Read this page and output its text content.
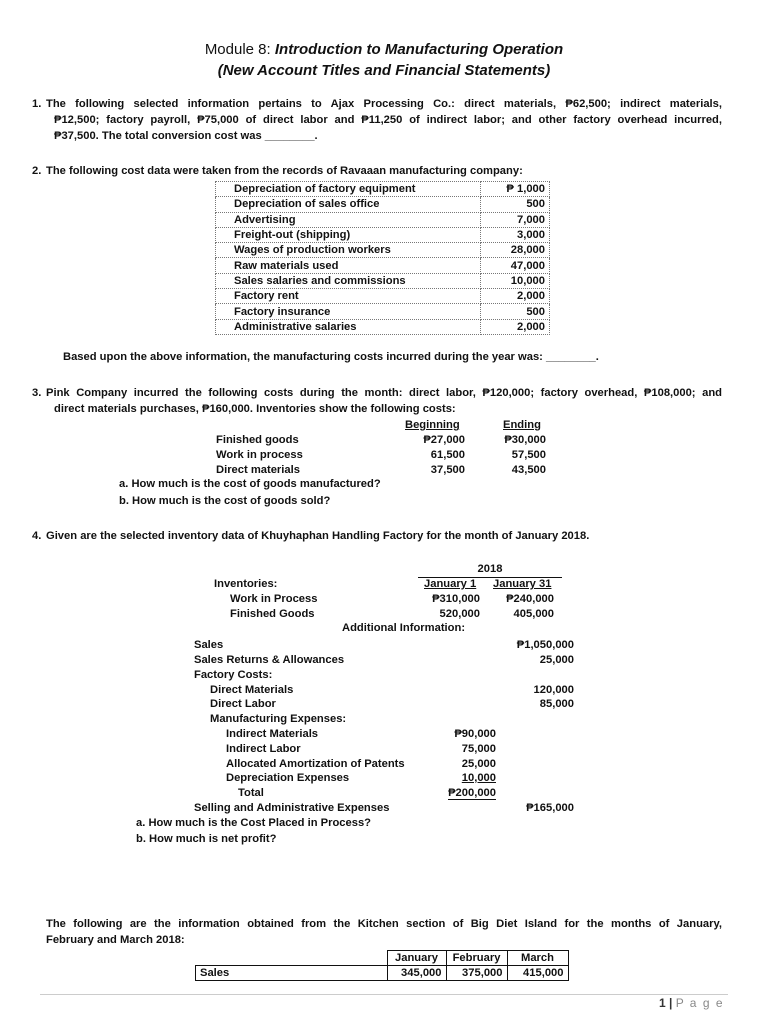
Module 8: Introduction to Manufacturing Operation
(New Account Titles and Financial Statements)
1. The following selected information pertains to Ajax Processing Co.: direct materials, ₱62,500; indirect materials,
₱12,500; factory payroll, ₱75,000 of direct labor and ₱11,250 of indirect labor; and other factory overhead incurred,
₱37,500. The total conversion cost was ________.
2. The following cost data were taken from the records of Ravaaan manufacturing company:
Depreciation of factory equipment	₱ 1,000
Depreciation of sales office	500
Advertising	7,000
Freight-out (shipping)	3,000
Wages of production workers	28,000
Raw materials used	47,000
Sales salaries and commissions	10,000
Factory rent	2,000
Factory insurance	500
Administrative salaries	2,000
Based upon the above information, the manufacturing costs incurred during the year was: ________.
3. Pink Company incurred the following costs during the month: direct labor, ₱120,000; factory overhead, ₱108,000; and
direct materials purchases, ₱160,000. Inventories show the following costs:
Beginning	Ending
Finished goods	₱27,000	₱30,000
Work in process	61,500	57,500
Direct materials	37,500	43,500
a. How much is the cost of goods manufactured?
b. How much is the cost of goods sold?
4. Given are the selected inventory data of Khuyhaphan Handling Factory for the month of January 2018.
2018
Inventories:	January 1 January 31
Work in Process	₱310,000	₱240,000
Finished Goods	520,000	405,000
Additional Information:
Sales	₱1,050,000
Sales Returns & Allowances	25,000
Factory Costs:
Direct Materials	120,000
Direct Labor	85,000
Manufacturing Expenses:
Indirect Materials	₱90,000
Indirect Labor	75,000
Allocated Amortization of Patents	25,000
Depreciation Expenses	10,000
Total	₱200,000
Selling and Administrative Expenses	₱165,000
a. How much is the Cost Placed in Process?
b. How much is net profit?
The following are the information obtained from the Kitchen section of Big Diet Island for the months of January,
February and March 2018:
	January	February	March
Sales	345,000	375,000	415,000
1 | P a g e
